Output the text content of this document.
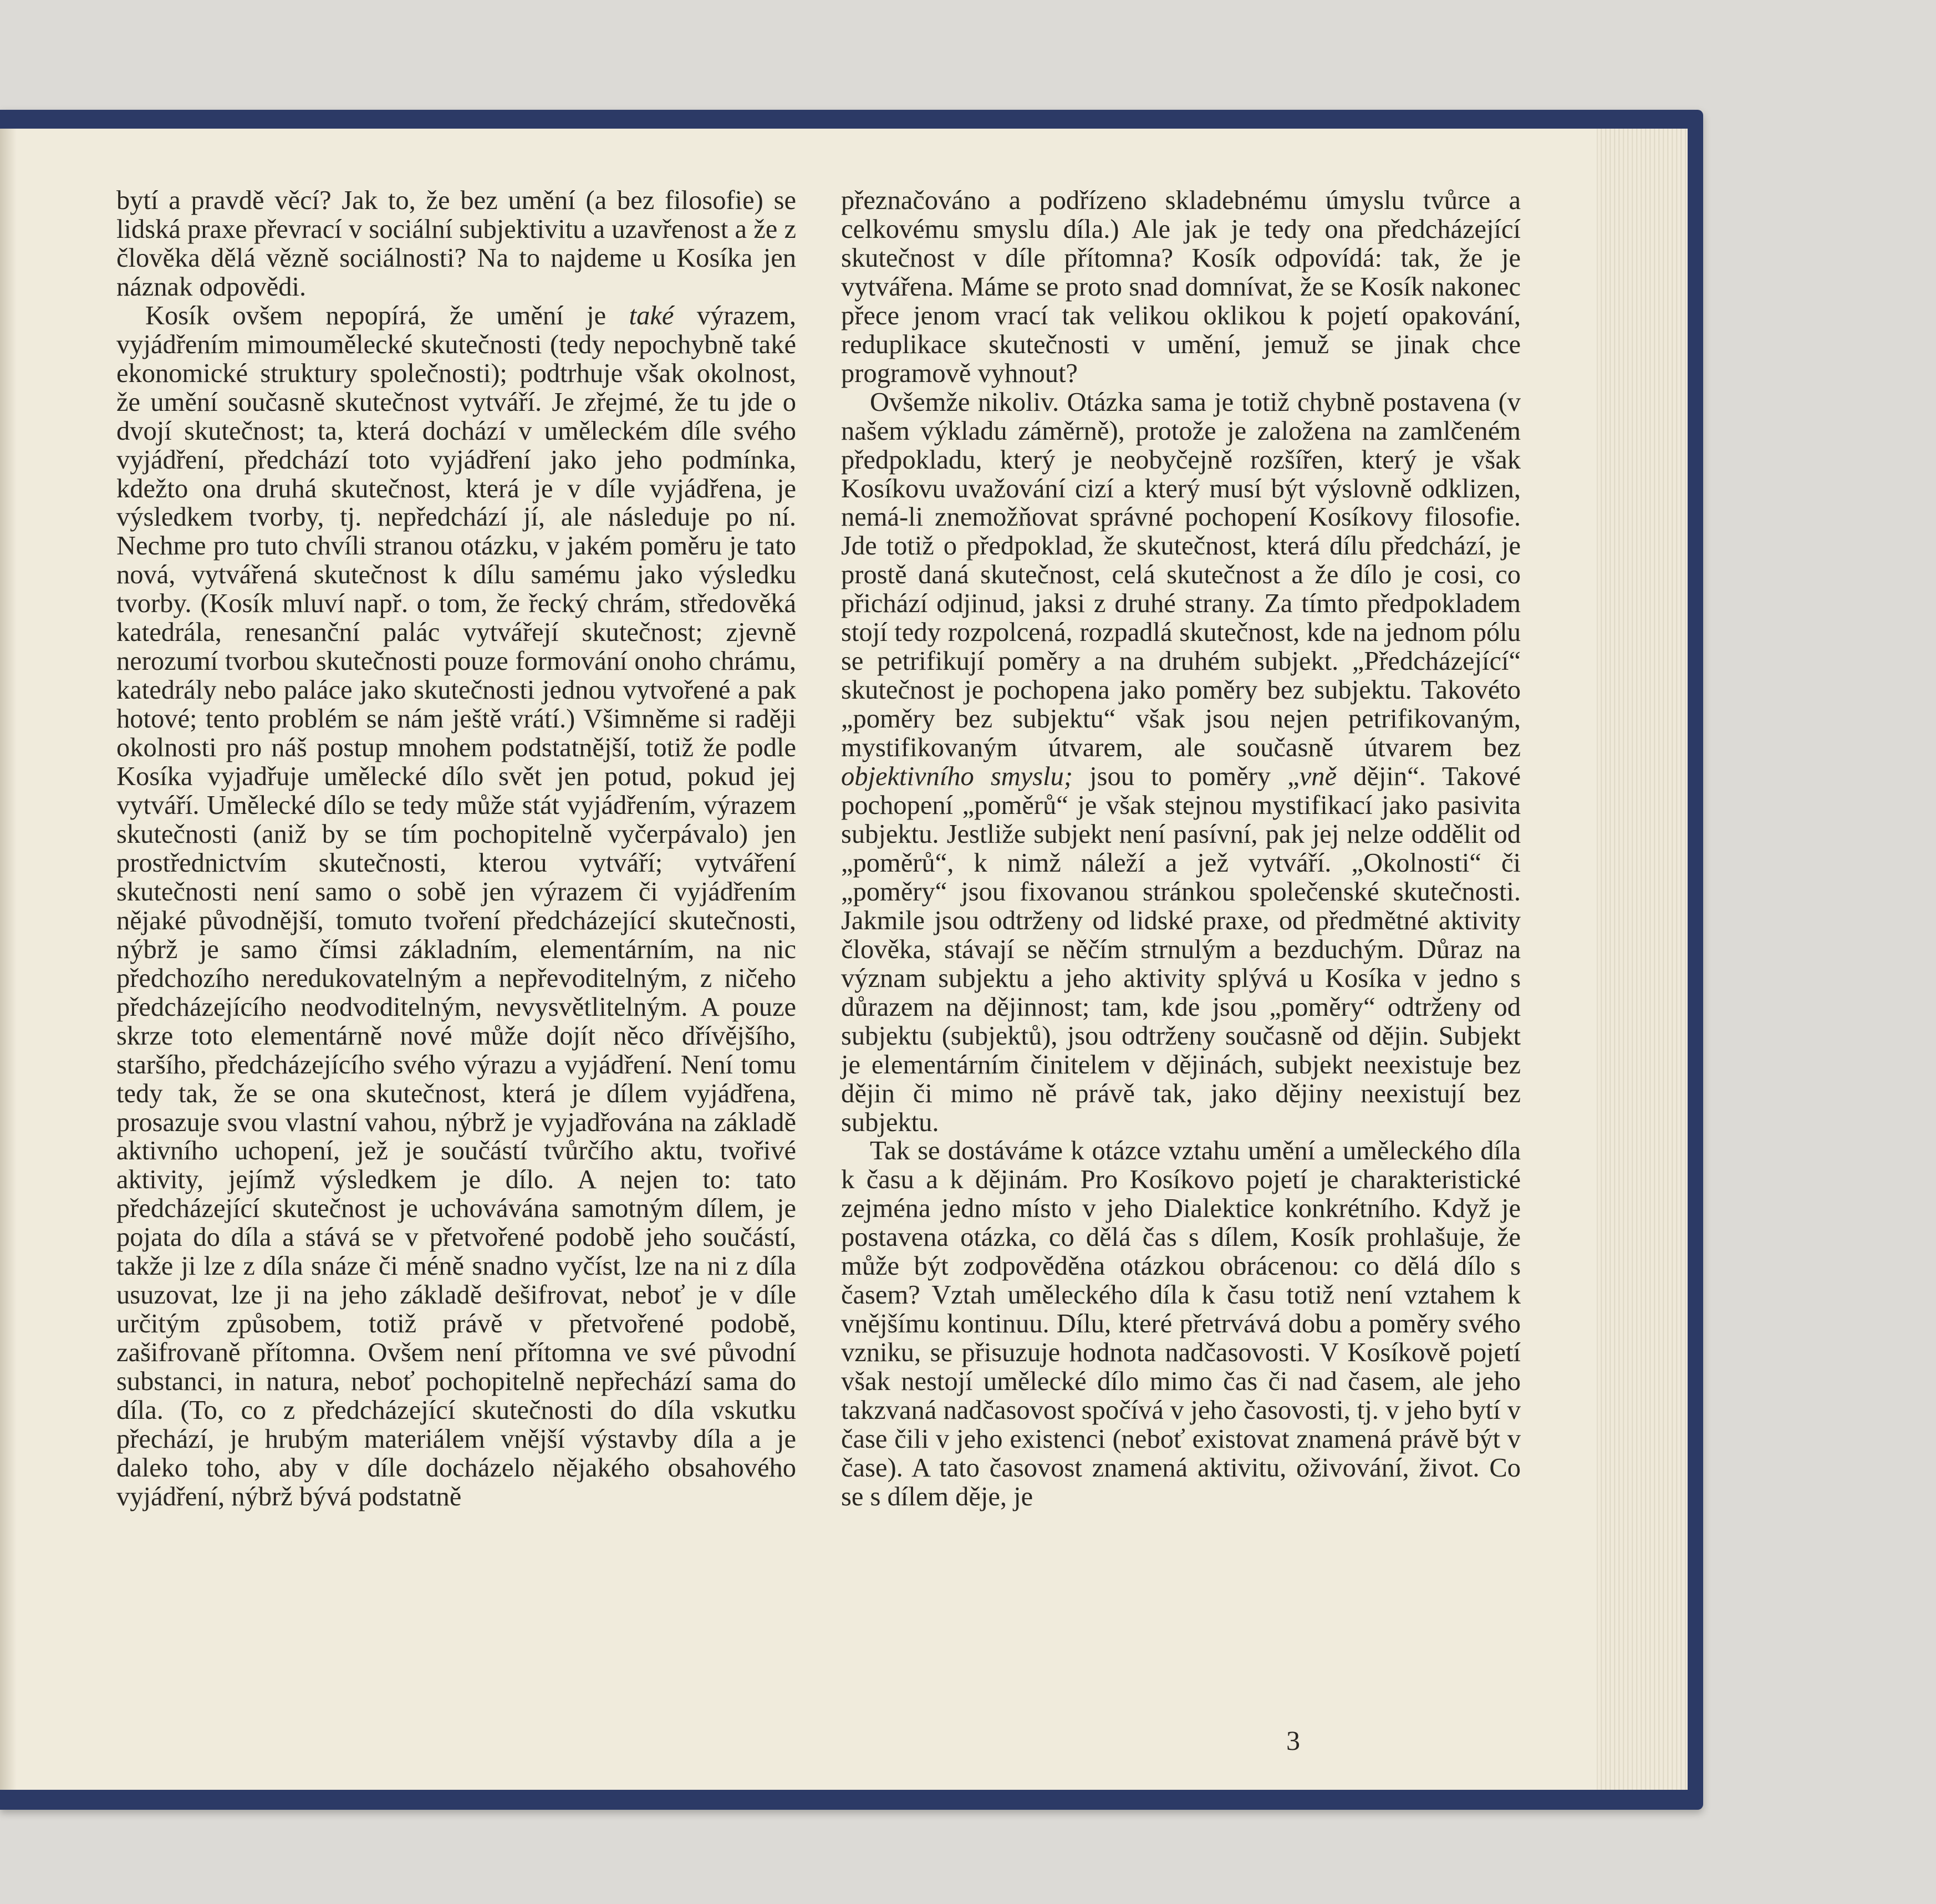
bytí a pravdě věcí? Jak to, že bez umění (a bez filosofie) se lidská praxe převrací v sociální subjektivitu a uzavřenost a že z člověka dělá vězně sociálnosti? Na to najdeme u Kosíka jen náznak odpovědi.

Kosík ovšem nepopírá, že umění je také výrazem, vyjádřením mimoumělecké skutečnosti (tedy nepochybně také ekonomické struktury společnosti); podtrhuje však okolnost, že umění současně skutečnost vytváří. Je zřejmé, že tu jde o dvojí skutečnost; ta, která dochází v uměleckém díle svého vyjádření, předchází toto vyjádření jako jeho podmínka, kdežto ona druhá skutečnost, která je v díle vyjádřena, je výsledkem tvorby, tj. nepředchází jí, ale následuje po ní. Nechme pro tuto chvíli stranou otázku, v jakém poměru je tato nová, vytvářená skutečnost k dílu samému jako výsledku tvorby. (Kosík mluví např. o tom, že řecký chrám, středověká katedrála, renesanční palác vytvářejí skutečnost; zjevně nerozumí tvorbou skutečnosti pouze formování onoho chrámu, katedrály nebo paláce jako skutečnosti jednou vytvořené a pak hotové; tento problém se nám ještě vrátí.) Všimněme si raději okolnosti pro náš postup mnohem podstatnější, totiž že podle Kosíka vyjadřuje umělecké dílo svět jen potud, pokud jej vytváří. Umělecké dílo se tedy může stát vyjádřením, výrazem skutečnosti (aniž by se tím pochopitelně vyčerpávalo) jen prostřednictvím skutečnosti, kterou vytváří; vytváření skutečnosti není samo o sobě jen výrazem či vyjádřením nějaké původnější, tomuto tvoření předcházející skutečnosti, nýbrž je samo čímsi základním, elementárním, na nic předchozího neredukovatelným a nepřevoditelným, z ničeho předcházejícího neodvoditelným, nevysvětlitelným. A pouze skrze toto elementárně nové může dojít něco dřívějšího, staršího, předcházejícího svého výrazu a vyjádření. Není tomu tedy tak, že se ona skutečnost, která je dílem vyjádřena, prosazuje svou vlastní vahou, nýbrž je vyjadřována na základě aktivního uchopení, jež je součástí tvůrčího aktu, tvořivé aktivity, jejímž výsledkem je dílo. A nejen to: tato předcházející skutečnost je uchovávána samotným dílem, je pojata do díla a stává se v přetvořené podobě jeho součástí, takže ji lze z díla snáze či méně snadno vyčíst, lze na ni z díla usuzovat, lze ji na jeho základě dešifrovat, neboť je v díle určitým způsobem, totiž právě v přetvořené podobě, zašifrovaně přítomna. Ovšem není přítomna ve své původní substanci, in natura, neboť pochopitelně nepřechází sama do díla. (To, co z předcházející skutečnosti do díla vskutku přechází, je hrubým materiálem vnější výstavby díla a je daleko toho, aby v díle docházelo nějakého obsahového vyjádření, nýbrž bývá podstatně

přeznačováno a podřízeno skladebnému úmyslu tvůrce a celkovému smyslu díla.) Ale jak je tedy ona předcházející skutečnost v díle přítomna? Kosík odpovídá: tak, že je vytvářena. Máme se proto snad domnívat, že se Kosík nakonec přece jenom vrací tak velikou oklikou k pojetí opakování, reduplikace skutečnosti v umění, jemuž se jinak chce programově vyhnout?

Ovšemže nikoliv. Otázka sama je totiž chybně postavena (v našem výkladu záměrně), protože je založena na zamlčeném předpokladu, který je neobyčejně rozšířen, který je však Kosíkovu uvažování cizí a který musí být výslovně odklizen, nemá-li znemožňovat správné pochopení Kosíkovy filosofie. Jde totiž o předpoklad, že skutečnost, která dílu předchází, je prostě daná skutečnost, celá skutečnost a že dílo je cosi, co přichází odjinud, jaksi z druhé strany. Za tímto předpokladem stojí tedy rozpolcená, rozpadlá skutečnost, kde na jednom pólu se petrifikují poměry a na druhém subjekt. „Předcházející“ skutečnost je pochopena jako poměry bez subjektu. Takovéto „poměry bez subjektu“ však jsou nejen petrifikovaným, mystifikovaným útvarem, ale současně útvarem bez objektivního smyslu; jsou to poměry „vně dějin“. Takové pochopení „poměrů“ je však stejnou mystifikací jako pasivita subjektu. Jestliže subjekt není pasívní, pak jej nelze oddělit od „poměrů“, k nimž náleží a jež vytváří. „Okolnosti“ či „poměry“ jsou fixovanou stránkou společenské skutečnosti. Jakmile jsou odtrženy od lidské praxe, od předmětné aktivity člověka, stávají se něčím strnulým a bezduchým. Důraz na význam subjektu a jeho aktivity splývá u Kosíka v jedno s důrazem na dějinnost; tam, kde jsou „poměry“ odtrženy od subjektu (subjektů), jsou odtrženy současně od dějin. Subjekt je elementárním činitelem v dějinách, subjekt neexistuje bez dějin či mimo ně právě tak, jako dějiny neexistují bez subjektu.

Tak se dostáváme k otázce vztahu umění a uměleckého díla k času a k dějinám. Pro Kosíkovo pojetí je charakteristické zejména jedno místo v jeho Dialektice konkrétního. Když je postavena otázka, co dělá čas s dílem, Kosík prohlašuje, že může být zodpověděna otázkou obrácenou: co dělá dílo s časem? Vztah uměleckého díla k času totiž není vztahem k vnějšímu kontinuu. Dílu, které přetrvává dobu a poměry svého vzniku, se přisuzuje hodnota nadčasovosti. V Kosíkově pojetí však nestojí umělecké dílo mimo čas či nad časem, ale jeho takzvaná nadčasovost spočívá v jeho časovosti, tj. v jeho bytí v čase čili v jeho existenci (neboť existovat znamená právě být v čase). A tato časovost znamená aktivitu, oživování, život. Co se s dílem děje, je

3
